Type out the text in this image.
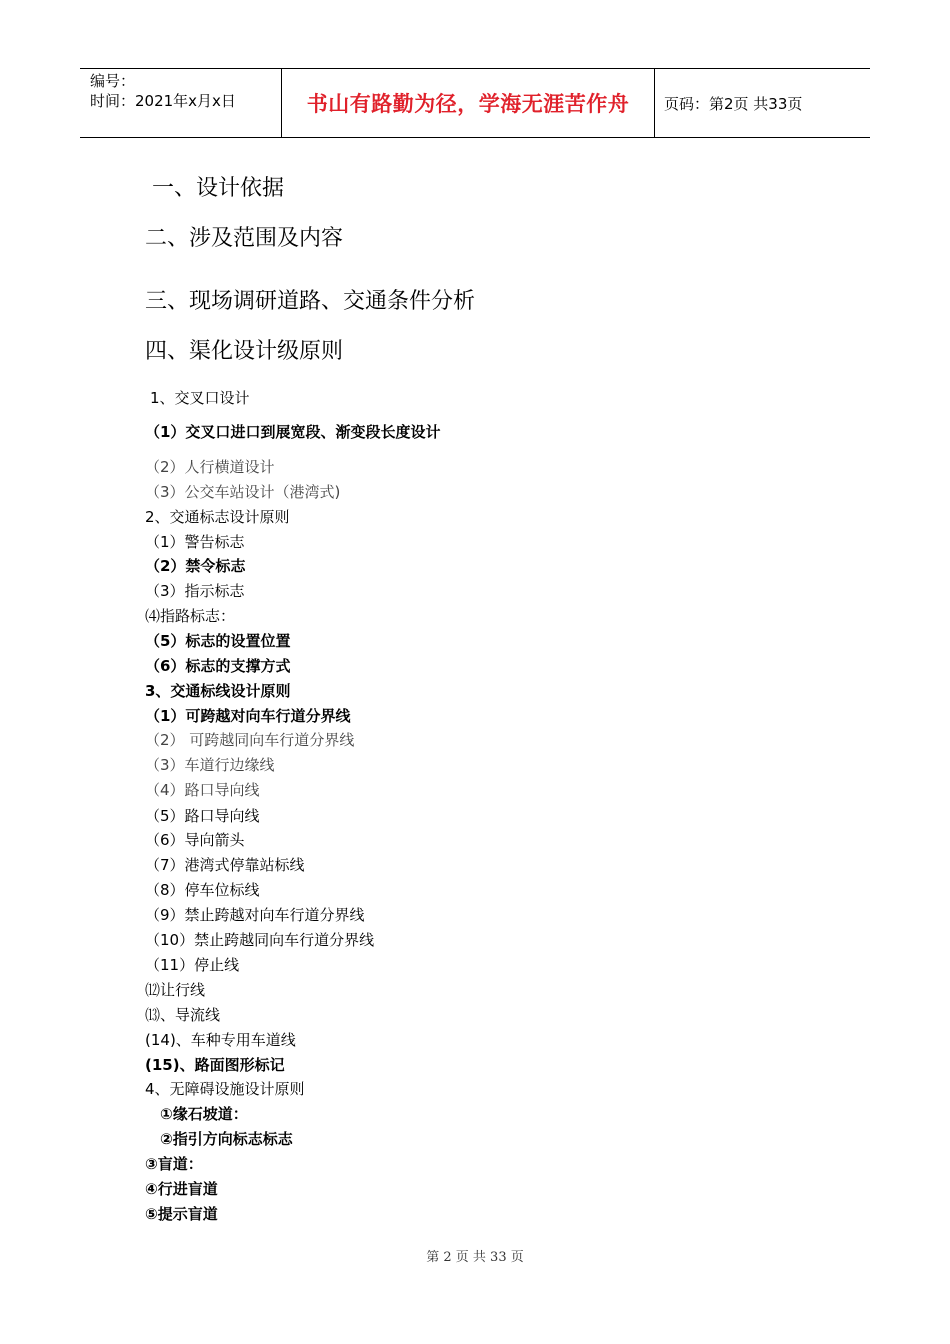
编号：
时间：2021年x月x日	书山有路勤为径，学海无涯苦作舟	页码：第2页 共33页
一、设计依据
二、涉及范围及内容
三、现场调研道路、交通条件分析
四、渠化设计级原则
1、交叉口设计
（1）交叉口进口到展宽段、渐变段长度设计
（2）人行横道设计
（3）公交车站设计（港湾式)
2、交通标志设计原则
（1）警告标志
（2）禁令标志
（3）指示标志
⑷指路标志：
（5）标志的设置位置
（6）标志的支撑方式
3、交通标线设计原则
（1）可跨越对向车行道分界线
（2） 可跨越同向车行道分界线
（3）车道行边缘线
（4）路口导向线
（5）路口导向线
（6）导向箭头
（7）港湾式停靠站标线
（8）停车位标线
（9）禁止跨越对向车行道分界线
（10）禁止跨越同向车行道分界线
（11）停止线
⑿让行线
⒀、导流线
(14)、车种专用车道线
(15)、路面图形标记
4、无障碍设施设计原则
①缘石坡道：
②指引方向标志标志
③盲道：
④行进盲道
⑤提示盲道
第 2 页 共 33 页
